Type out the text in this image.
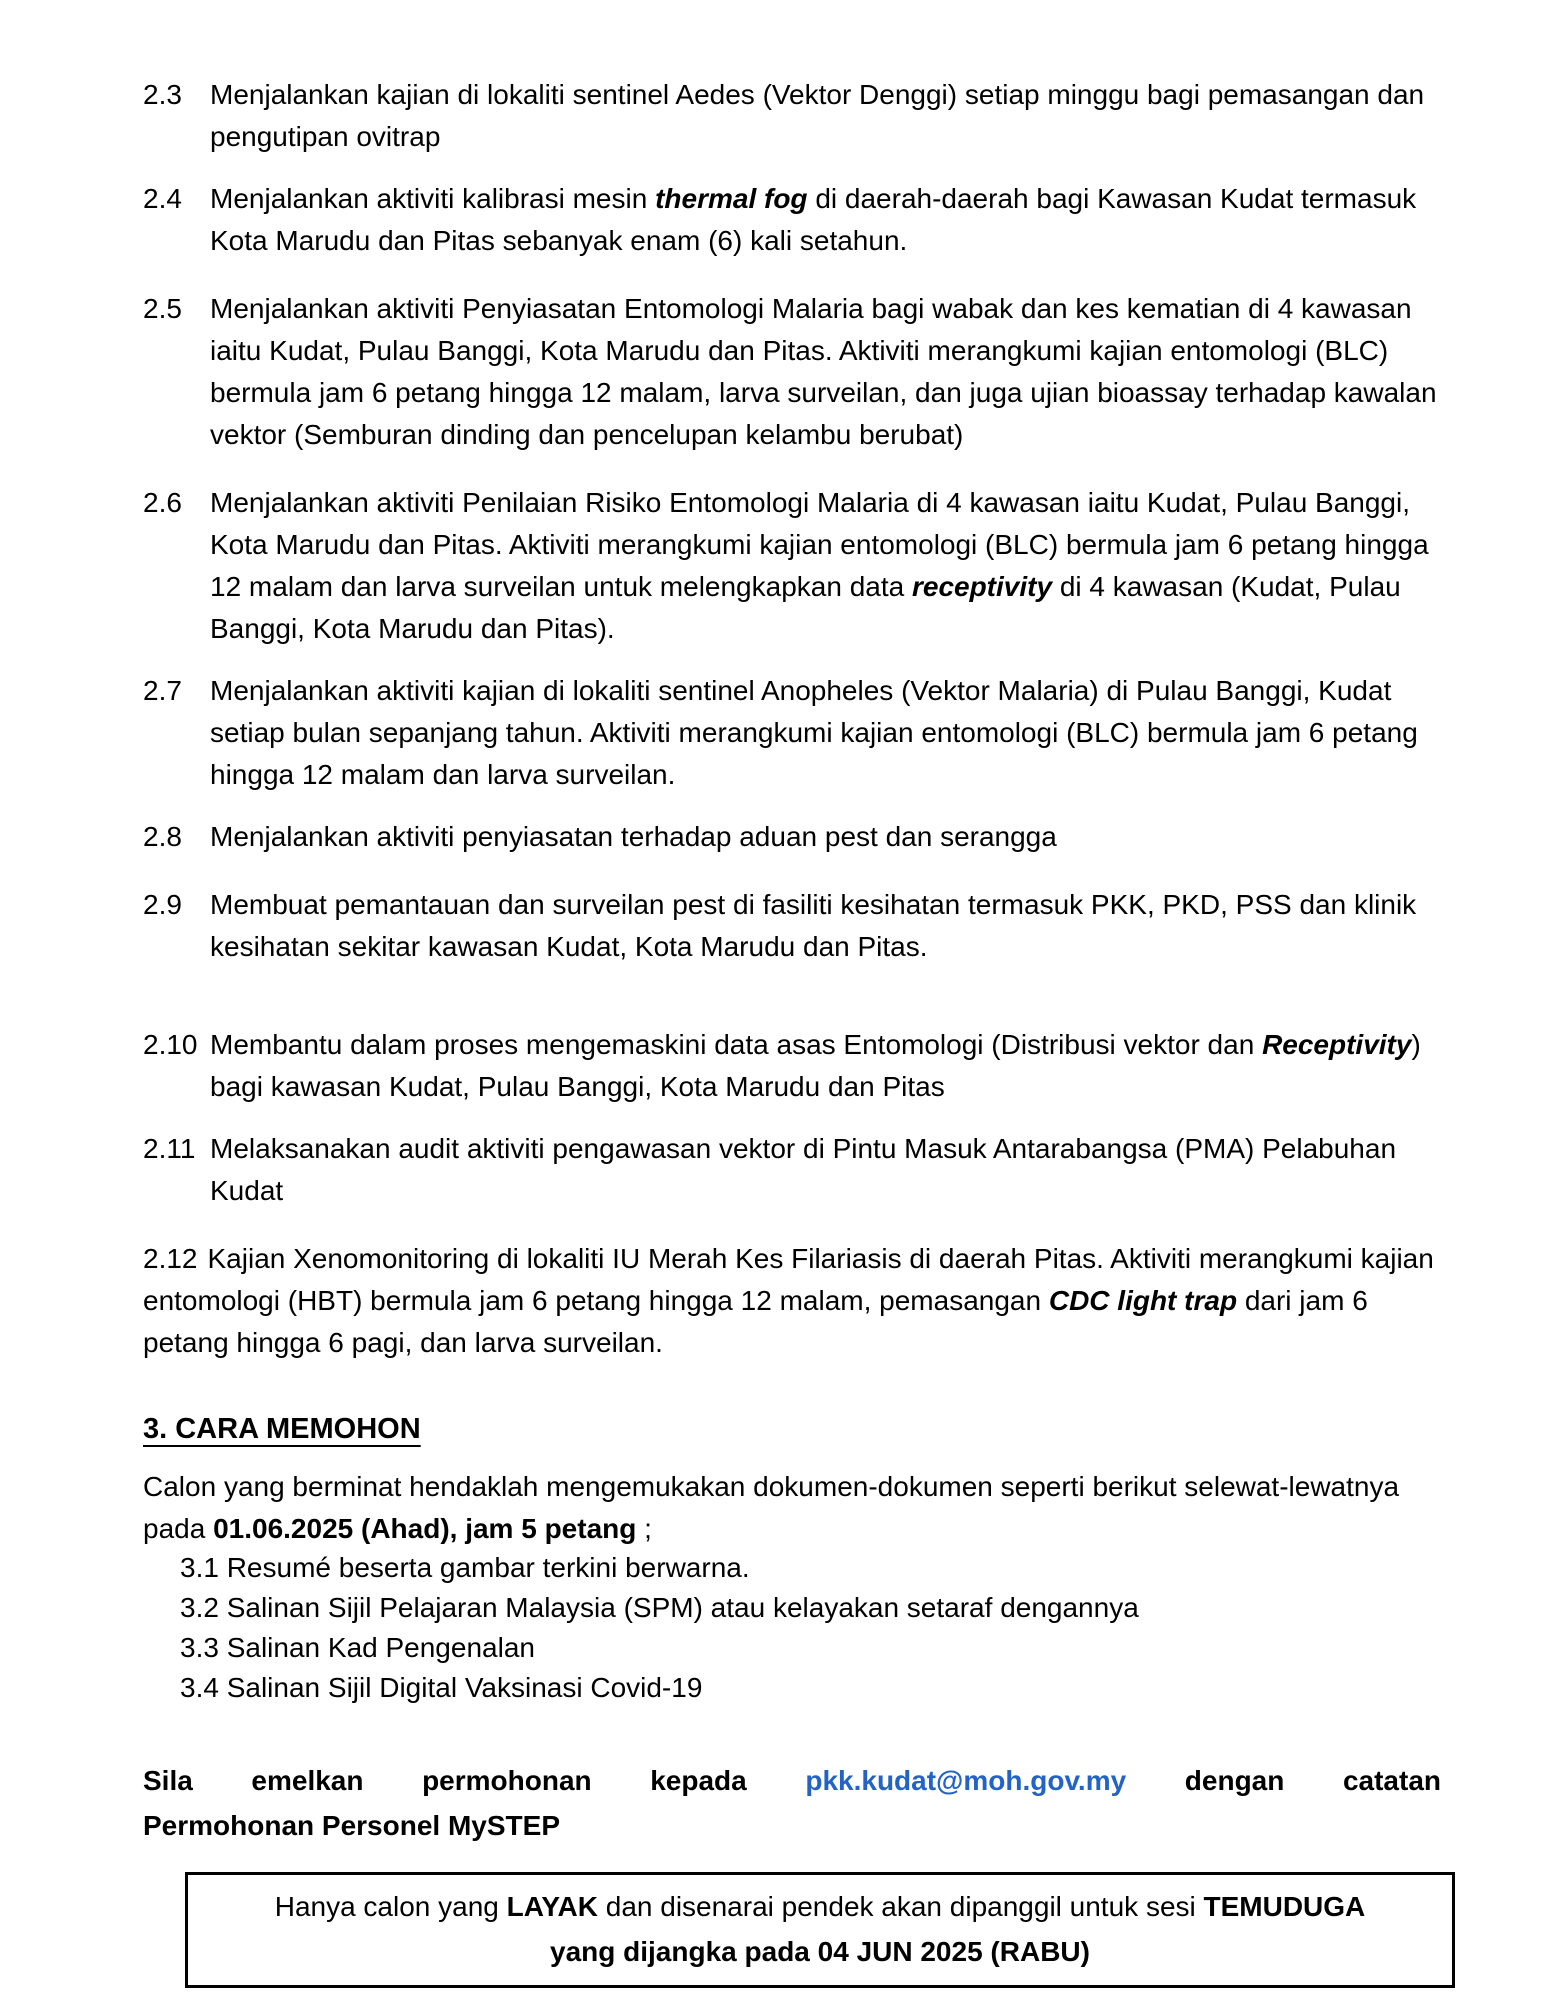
2.3 Menjalankan kajian di lokaliti sentinel Aedes (Vektor Denggi) setiap minggu bagi pemasangan dan pengutipan ovitrap
2.4 Menjalankan aktiviti kalibrasi mesin thermal fog di daerah-daerah bagi Kawasan Kudat termasuk Kota Marudu dan Pitas sebanyak enam (6) kali setahun.
2.5 Menjalankan aktiviti Penyiasatan Entomologi Malaria bagi wabak dan kes kematian di 4 kawasan iaitu Kudat, Pulau Banggi, Kota Marudu dan Pitas. Aktiviti merangkumi kajian entomologi (BLC) bermula jam 6 petang hingga 12 malam, larva surveilan, dan juga ujian bioassay terhadap kawalan vektor (Semburan dinding dan pencelupan kelambu berubat)
2.6 Menjalankan aktiviti Penilaian Risiko Entomologi Malaria di 4 kawasan iaitu Kudat, Pulau Banggi, Kota Marudu dan Pitas. Aktiviti merangkumi kajian entomologi (BLC) bermula jam 6 petang hingga 12 malam dan larva surveilan untuk melengkapkan data receptivity di 4 kawasan (Kudat, Pulau Banggi, Kota Marudu dan Pitas).
2.7 Menjalankan aktiviti kajian di lokaliti sentinel Anopheles (Vektor Malaria) di Pulau Banggi, Kudat setiap bulan sepanjang tahun. Aktiviti merangkumi kajian entomologi (BLC) bermula jam 6 petang hingga 12 malam dan larva surveilan.
2.8 Menjalankan aktiviti penyiasatan terhadap aduan pest dan serangga
2.9 Membuat pemantauan dan surveilan pest di fasiliti kesihatan termasuk PKK, PKD, PSS dan klinik kesihatan sekitar kawasan Kudat, Kota Marudu dan Pitas.
2.10 Membantu dalam proses mengemaskini data asas Entomologi (Distribusi vektor dan Receptivity) bagi kawasan Kudat, Pulau Banggi, Kota Marudu dan Pitas
2.11 Melaksanakan audit aktiviti pengawasan vektor di Pintu Masuk Antarabangsa (PMA) Pelabuhan Kudat
2.12 Kajian Xenomonitoring di lokaliti IU Merah Kes Filariasis di daerah Pitas. Aktiviti merangkumi kajian entomologi (HBT) bermula jam 6 petang hingga 12 malam, pemasangan CDC light trap dari jam 6 petang hingga 6 pagi, dan larva surveilan.
3. CARA MEMOHON

Calon yang berminat hendaklah mengemukakan dokumen-dokumen seperti berikut selewat-lewatnya pada 01.06.2025 (Ahad), jam 5 petang ;

3.1 Resumé beserta gambar terkini berwarna.
3.2 Salinan Sijil Pelajaran Malaysia (SPM) atau kelayakan setaraf dengannya
3.3 Salinan Kad Pengenalan
3.4 Salinan Sijil Digital Vaksinasi Covid-19
Sila emelkan permohonan kepada pkk.kudat@moh.gov.my dengan catatan
Permohonan Personel MySTEP
Hanya calon yang LAYAK dan disenarai pendek akan dipanggil untuk sesi TEMUDUGA
yang dijangka pada 04 JUN 2025 (RABU)
